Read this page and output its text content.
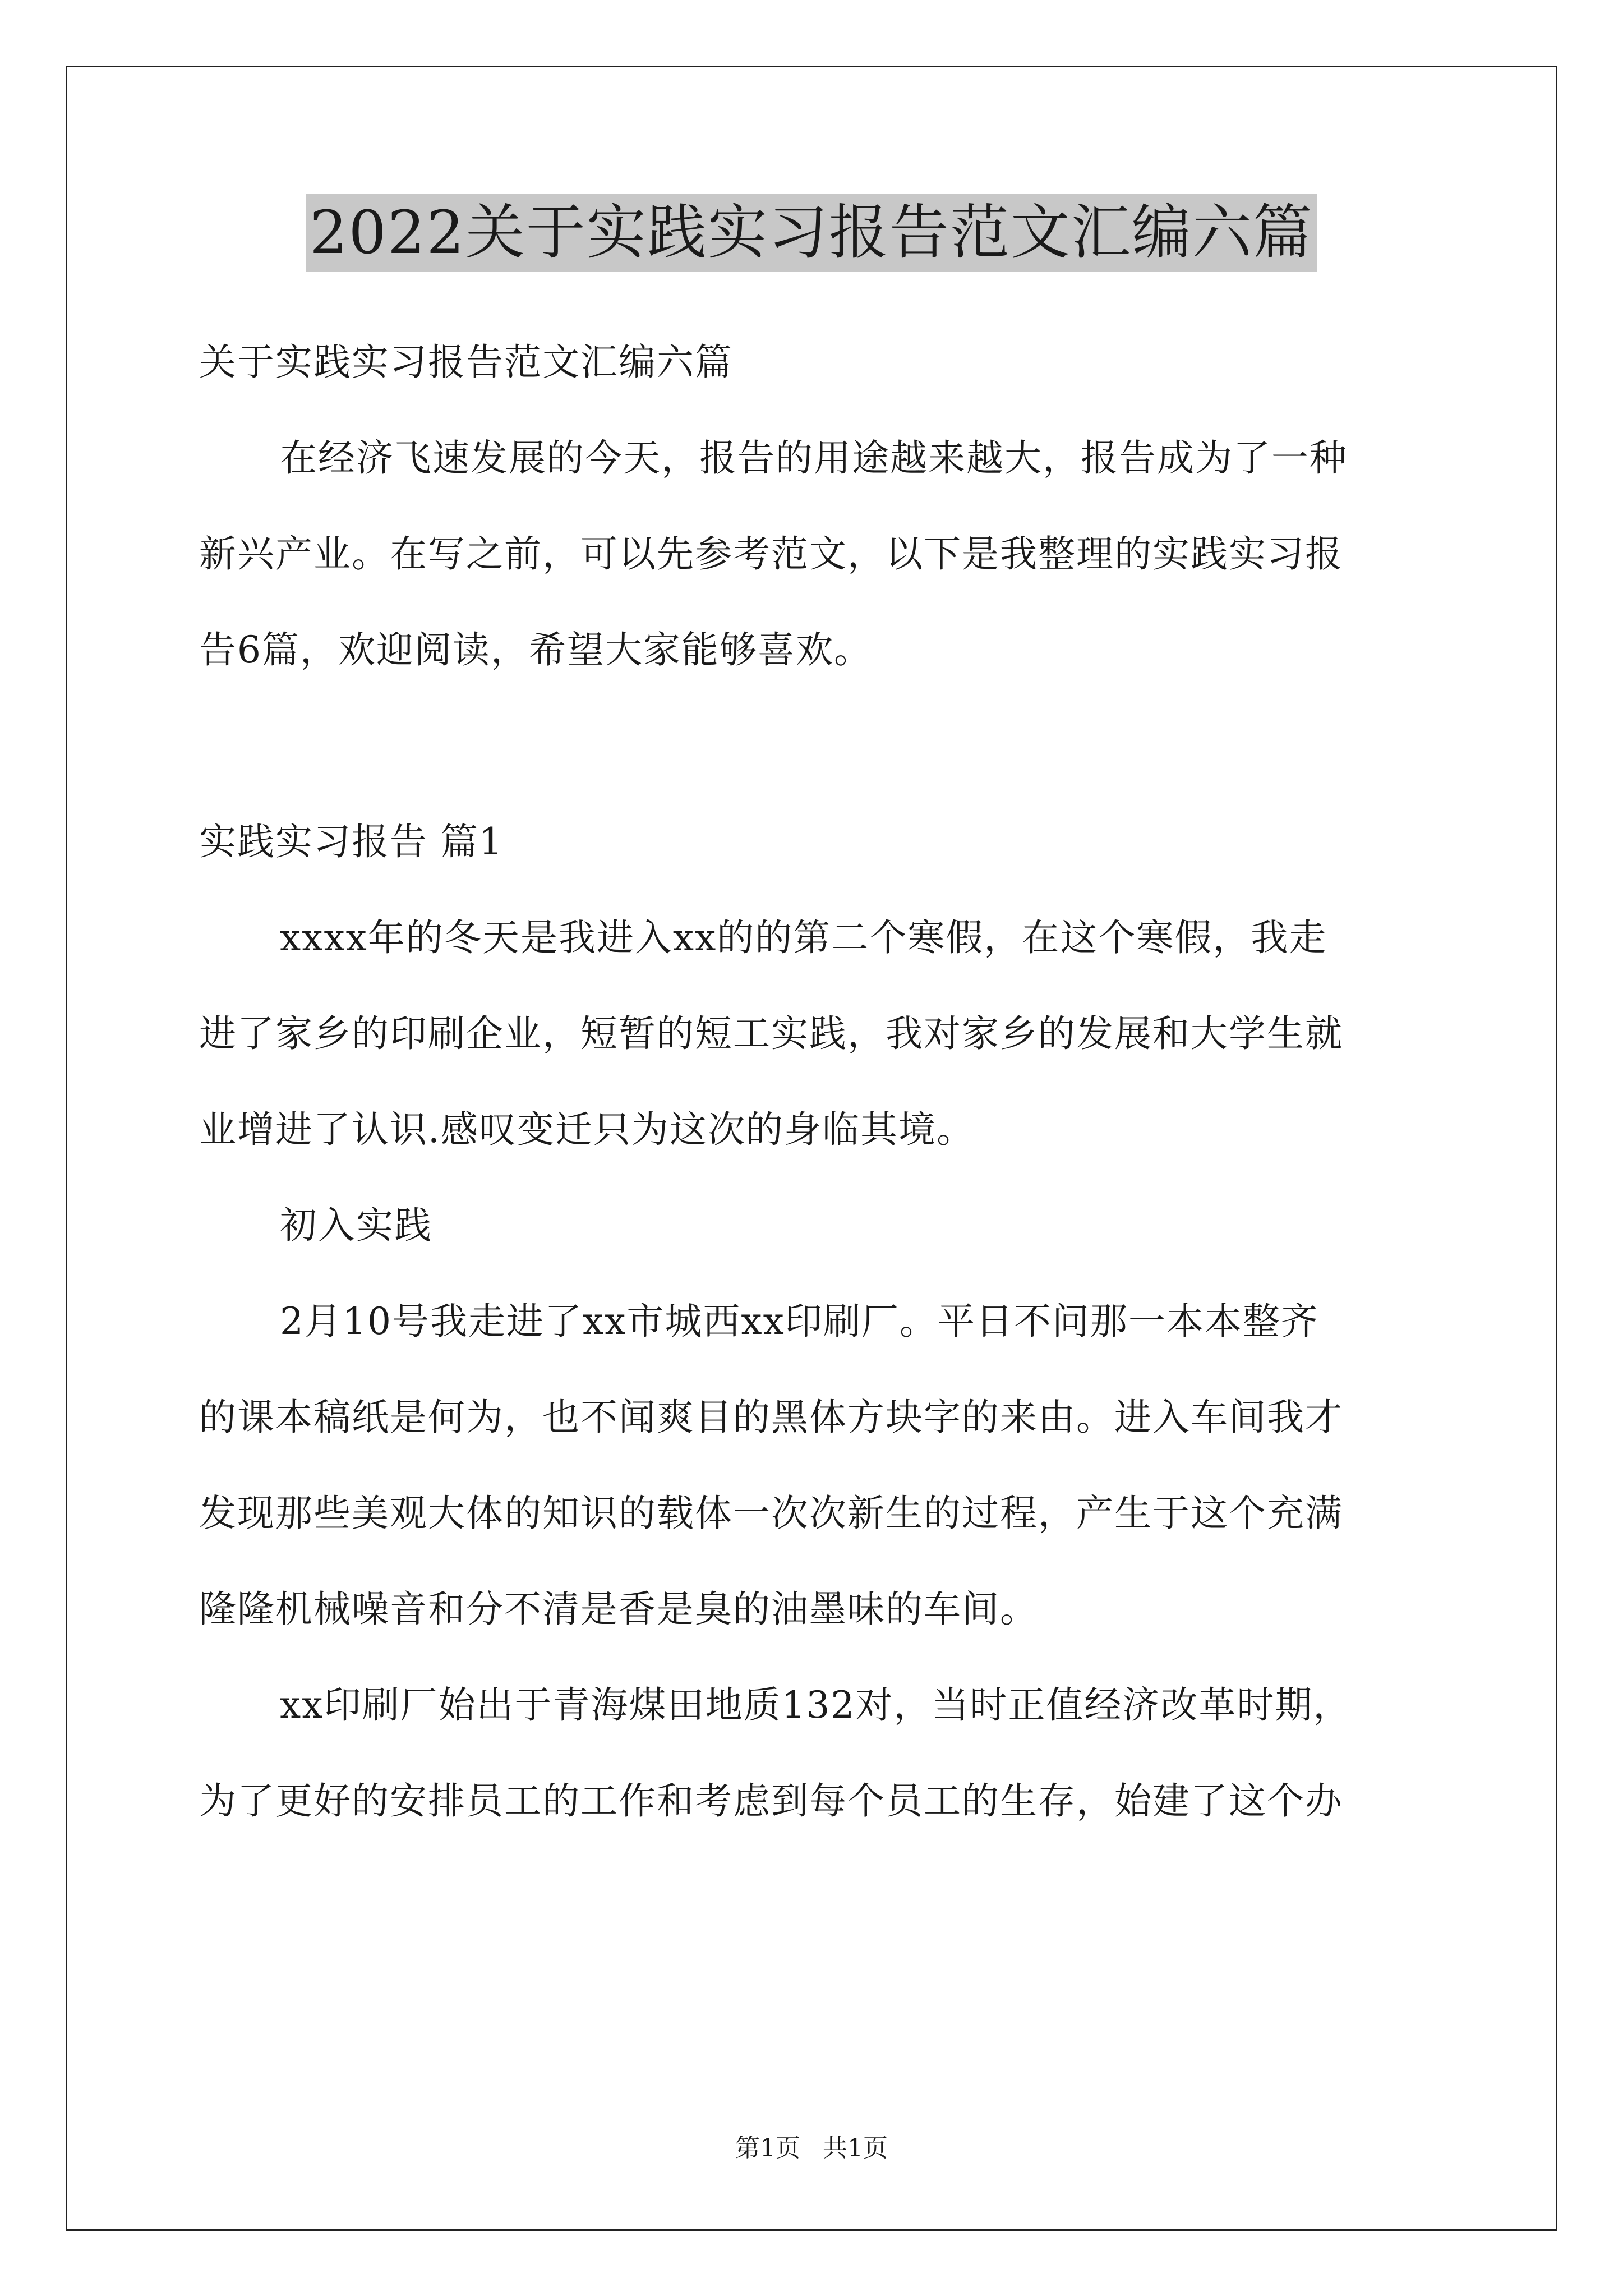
2022关于实践实习报告范文汇编六篇

关于实践实习报告范文汇编六篇

在经济飞速发展的今天，报告的用途越来越大，报告成为了一种

新兴产业。在写之前，可以先参考范文，以下是我整理的实践实习报

告6篇，欢迎阅读，希望大家能够喜欢。

实践实习报告 篇1

xxxx年的冬天是我进入xx的的第二个寒假，在这个寒假，我走

进了家乡的印刷企业，短暂的短工实践，我对家乡的发展和大学生就

业增进了认识.感叹变迁只为这次的身临其境。

初入实践

2月10号我走进了xx市城西xx印刷厂。平日不问那一本本整齐

的课本稿纸是何为，也不闻爽目的黑体方块字的来由。进入车间我才

发现那些美观大体的知识的载体一次次新生的过程，产生于这个充满

隆隆机械噪音和分不清是香是臭的油墨味的车间。

xx印刷厂始出于青海煤田地质132对，当时正值经济改革时期，

为了更好的安排员工的工作和考虑到每个员工的生存，始建了这个办

第1页 共1页
